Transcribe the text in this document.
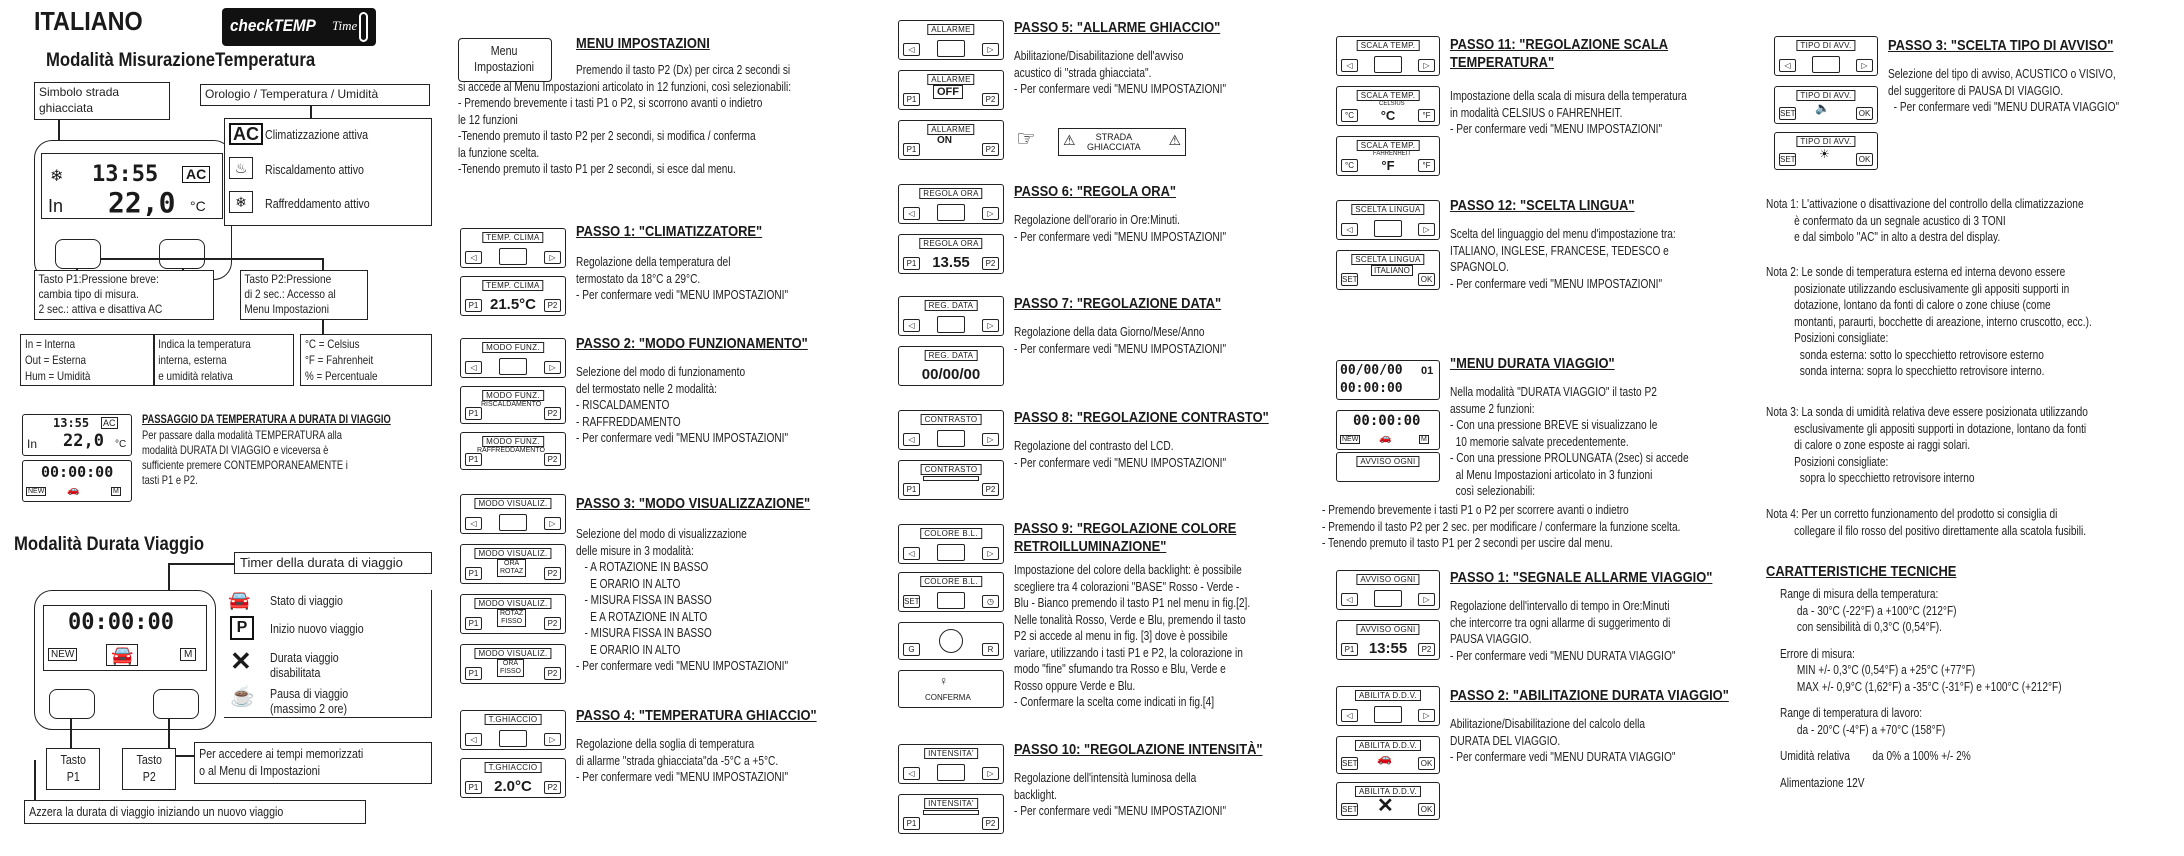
ITALIANO	checkTEMP Time
Modalità MisurazioneTemperatura
Simbolo strada
ghiacciata
Orologio / Temperatura / Umidità
❄ 13:55 AC
In 22,0 °C
AC Climatizzazione attiva
♨	Riscaldamento attivo
❄	Raffreddamento attivo
Tasto P1:Pressione breve:
cambia tipo di misura.
2 sec.: attiva e disattiva AC
Tasto P2:Pressione
di 2 sec.: Accesso al
Menu Impostazioni
In = Interna
Out = Esterna
Hum = Umidità
Indica la temperatura
interna, esterna
e umidità relativa
°C = Celsius
°F = Fahrenheit
% = Percentuale
13:55 AC
In 22,0 °C
00:00:00
NEW 🚗	M
PASSAGGIO DA TEMPERATURA A DURATA DI VIAGGIO
Per passare dalla modalità TEMPERATURA alla
modalità DURATA DI VIAGGIO e viceversa è
sufficiente premere CONTEMPORANEAMENTE i
tasti P1 e P2.
Modalità Durata Viaggio
Timer della durata di viaggio
00:00:00
NEW 🚘	M
🚘 Stato di viaggio
P	Inizio nuovo viaggio
✕ Durata viaggio
disabilitata
☕ Pausa di viaggio
(massimo 2 ore)
Tasto
P1
Tasto
P2
Per accedere ai tempi memorizzati
o al Menu di Impostazioni
Azzera la durata di viaggio iniziando un nuovo viaggio
Menu
Impostazioni
MENU IMPOSTAZIONI
Premendo il tasto P2 (Dx) per circa 2 secondi si
si accede al Menu Impostazioni articolato in 12 funzioni, così selezionabili:
- Premendo brevemente i tasti P1 o P2, si scorrono avanti o indietro
le 12 funzioni
-Tenendo premuto il tasto P2 per 2 secondi, si modifica / conferma
la funzione scelta.
-Tenendo premuto il tasto P1 per 2 secondi, si esce dal menu.
TEMP. CLIMA
◁	▷
TEMP. CLIMA
21.5°C
P1	P2
PASSO 1: "CLIMATIZZATORE"
Regolazione della temperatura del
termostato da 18°C a 29°C.
- Per confermare vedi "MENU IMPOSTAZIONI"
MODO FUNZ.
◁	▷
MODO FUNZ.
RISCALDAMENTO
P1	P2
MODO FUNZ.
RAFFREDDAMENTO
P1	P2
PASSO 2: "MODO FUNZIONAMENTO"
Selezione del modo di funzionamento
del termostato nelle 2 modalità:
- RISCALDAMENTO
- RAFFREDDAMENTO
- Per confermare vedi "MENU IMPOSTAZIONI"
MODO VISUALIZ.
◁	▷
MODO VISUALIZ.
ORA
ROTAZ
P1	P2
MODO VISUALIZ.
ROTAZ
FISSO
P1	P2
MODO VISUALIZ.
ORA
FISSO
P1	P2
PASSO 3: "MODO VISUALIZZAZIONE"
Selezione del modo di visualizzazione
delle misure in 3 modalità:
- A ROTAZIONE IN BASSO
E ORARIO IN ALTO
- MISURA FISSA IN BASSO
E A ROTAZIONE IN ALTO
- MISURA FISSA IN BASSO
E ORARIO IN ALTO
- Per confermare vedi "MENU IMPOSTAZIONI"
T.GHIACCIO
◁	▷
T.GHIACCIO
2.0°C
P1	P2
PASSO 4: "TEMPERATURA GHIACCIO"
Regolazione della soglia di temperatura
di allarme "strada ghiacciata"da -5°C a +5°C.
- Per confermare vedi "MENU IMPOSTAZIONI"
ALLARME
◁	▷
ALLARME
OFF
P1	P2
ALLARME
ON
P1	P2
PASSO 5: "ALLARME GHIACCIO"
Abilitazione/Disabilitazione dell'avviso
acustico di "strada ghiacciata".
- Per confermare vedi "MENU IMPOSTAZIONI"
☞ ⚠	STRADA
GHIACCIATA ⚠
REGOLA ORA
◁	▷
REGOLA ORA
13.55
P1	P2
PASSO 6: "REGOLA ORA"
Regolazione dell'orario in Ore:Minuti.
- Per confermare vedi "MENU IMPOSTAZIONI"
REG. DATA
◁	▷
REG. DATA
00/00/00
PASSO 7: "REGOLAZIONE DATA"
Regolazione della data Giorno/Mese/Anno
- Per confermare vedi "MENU IMPOSTAZIONI"
CONTRASTO
◁	▷
CONTRASTO
P1	P2
PASSO 8: "REGOLAZIONE CONTRASTO"
Regolazione del contrasto del LCD.
- Per confermare vedi "MENU IMPOSTAZIONI"
COLORE B.L.
◁	▷
COLORE B.L.
SET	◷
G	R
♀
CONFERMA
PASSO 9: "REGOLAZIONE COLORE
RETROILLUMINAZIONE"
Impostazione del colore della backlight: è possibile
scegliere tra 4 colorazioni "BASE" Rosso - Verde -
Blu - Bianco premendo il tasto P1 nel menu in fig.[2].
Nelle tonalità Rosso, Verde e Blu, premendo il tasto
P2 si accede al menu in fig. [3] dove è possibile
variare, utilizzando i tasti P1 e P2, la colorazione in
modo "fine" sfumando tra Rosso e Blu, Verde e
Rosso oppure Verde e Blu.
- Confermare la scelta come indicati in fig.[4]
INTENSITA'
◁	▷
INTENSITA'
P1	P2
PASSO 10: "REGOLAZIONE INTENSITÀ"
Regolazione dell'intensità luminosa della
backlight.
- Per confermare vedi "MENU IMPOSTAZIONI"
SCALA TEMP.
◁	▷
SCALA TEMP.
CELSIUS
°C
°C	°F
SCALA TEMP.
FAHRENHEIT
°F
°C	°F
PASSO 11: "REGOLAZIONE SCALA
TEMPERATURA"
Impostazione della scala di misura della temperatura
in modalità CELSIUS o FAHRENHEIT.
- Per confermare vedi "MENU IMPOSTAZIONI"
SCELTA LINGUA
◁	▷
SCELTA LINGUA
ITALIANO
SET	OK
PASSO 12: "SCELTA LINGUA"
Scelta del linguaggio del menu d'impostazione tra:
ITALIANO, INGLESE, FRANCESE, TEDESCO e
SPAGNOLO.
- Per confermare vedi "MENU IMPOSTAZIONI"
00/00/00
00:00:00
01
00:00:00
NEW 🚗	M
AVVISO OGNI
"MENU DURATA VIAGGIO"
Nella modalità "DURATA VIAGGIO" il tasto P2
assume 2 funzioni:
- Con una pressione BREVE si visualizzano le
10 memorie salvate precedentemente.
- Con una pressione PROLUNGATA (2sec) si accede
al Menu Impostazioni articolato in 3 funzioni
così selezionabili:
- Premendo brevemente i tasti P1 o P2 per scorrere avanti o indietro
- Premendo il tasto P2 per 2 sec. per modificare / confermare la funzione scelta.
- Tenendo premuto il tasto P1 per 2 secondi per uscire dal menu.
AVVISO OGNI
◁	▷
AVVISO OGNI
13:55
P1	P2
PASSO 1: "SEGNALE ALLARME VIAGGIO"
Regolazione dell'intervallo di tempo in Ore:Minuti
che intercorre tra ogni allarme di suggerimento di
PAUSA VIAGGIO.
- Per confermare vedi "MENU DURATA VIAGGIO"
ABILITA D.D.V.
◁	▷
ABILITA D.D.V.
🚗
SET	OK
ABILITA D.D.V.
✕
SET	OK
PASSO 2: "ABILITAZIONE DURATA VIAGGIO"
Abilitazione/Disabilitazione del calcolo della
DURATA DEL VIAGGIO.
- Per confermare vedi "MENU DURATA VIAGGIO"
TIPO DI AVV.
◁	▷
TIPO DI AVV.
🔈
SET	OK
TIPO DI AVV.
☀
SET	OK
PASSO 3: "SCELTA TIPO DI AVVISO"
Selezione del tipo di avviso, ACUSTICO o VISIVO,
del suggeritore di PAUSA DI VIAGGIO.
- Per confermare vedi "MENU DURATA VIAGGIO"
Nota 1: L'attivazione o disattivazione del controllo della climatizzazione
è confermato da un segnale acustico di 3 TONI
e dal simbolo "AC" in alto a destra del display.
Nota 2: Le sonde di temperatura esterna ed interna devono essere
posizionate utilizzando esclusivamente gli appositi supporti in
dotazione, lontano da fonti di calore o zone chiuse (come
montanti, paraurti, bocchette di areazione, interno cruscotto, ecc.).
Posizioni consigliate:
sonda esterna: sotto lo specchietto retrovisore esterno
sonda interna: sopra lo specchietto retrovisore interno.
Nota 3: La sonda di umidità relativa deve essere posizionata utilizzando
esclusivamente gli appositi supporti in dotazione, lontano da fonti
di calore o zone esposte ai raggi solari.
Posizioni consigliate:
sopra lo specchietto retrovisore interno
Nota 4: Per un corretto funzionamento del prodotto si consiglia di
collegare il filo rosso del positivo direttamente alla scatola fusibili.
CARATTERISTICHE TECNICHE
Range di misura della temperatura:
da - 30°C (-22°F) a +100°C (212°F)
con sensibilità di 0,3°C (0,54°F).
Errore di misura:
MIN +/- 0,3°C (0,54°F) a +25°C (+77°F)
MAX +/- 0,9°C (1,62°F) a -35°C (-31°F) e +100°C (+212°F)
Range di temperatura di lavoro:
da - 20°C (-4°F) a +70°C (158°F)
Umidità relativa        da 0% a 100% +/- 2%
Alimentazione 12V
